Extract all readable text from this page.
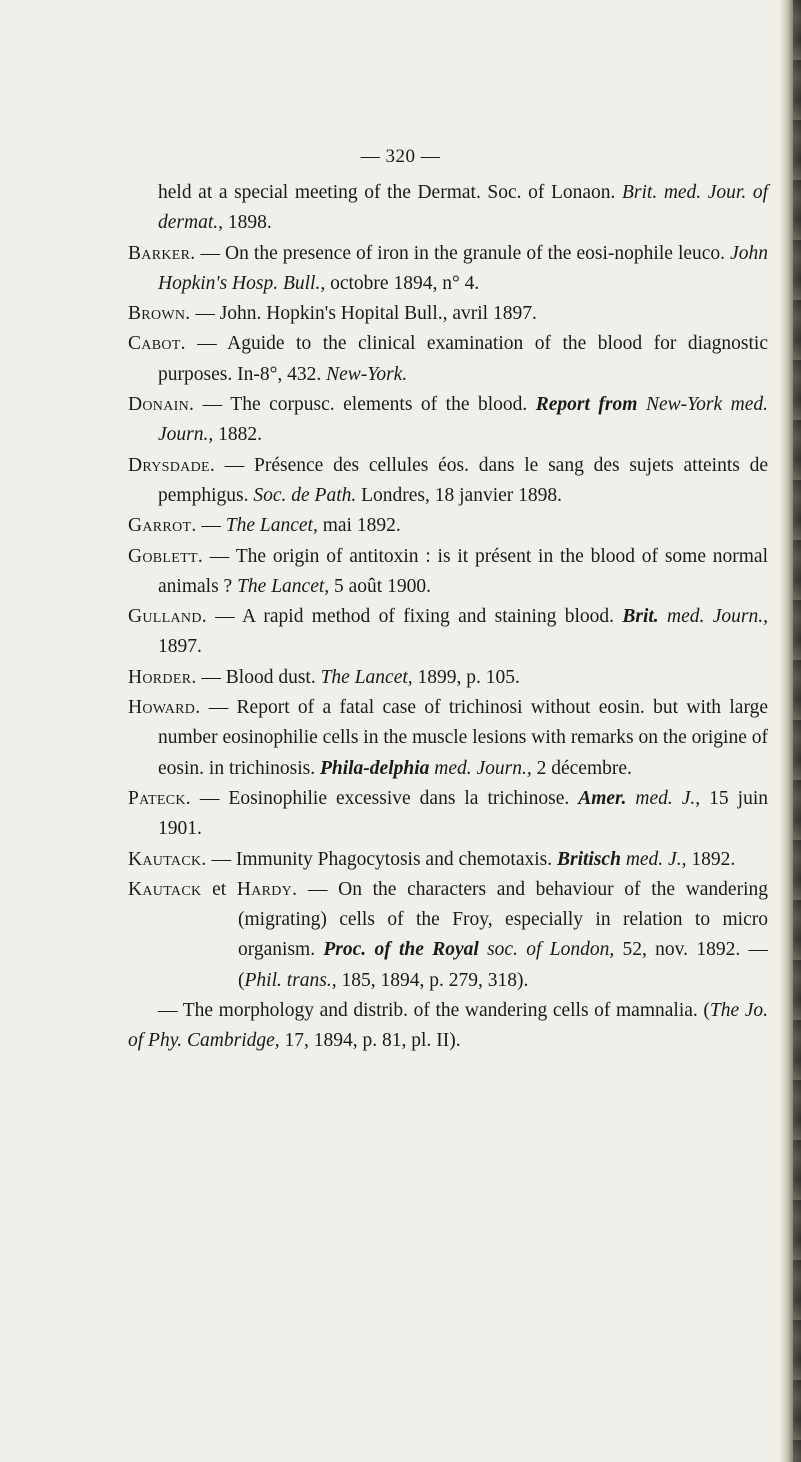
— 320 —

held at a special meeting of the Dermat. Soc. of Lonaon. Brit. med. Jour. of dermat., 1898.

Barker. — On the presence of iron in the granule of the eosi-nophile leuco. John Hopkin's Hosp. Bull., octobre 1894, n° 4.

Brown. — John. Hopkin's Hopital Bull., avril 1897.

Cabot. — Aguide to the clinical examination of the blood for diagnostic purposes. In-8°, 432. New-York.

Donain. — The corpusc. elements of the blood. Report from New-York med. Journ., 1882.

Drysdade. — Présence des cellules éos. dans le sang des sujets atteints de pemphigus. Soc. de Path. Londres, 18 janvier 1898.

Garrot. — The Lancet, mai 1892.

Goblett. — The origin of antitoxin : is it présent in the blood of some normal animals ? The Lancet, 5 août 1900.

Gulland. — A rapid method of fixing and staining blood. Brit. med. Journ., 1897.

Horder. — Blood dust. The Lancet, 1899, p. 105.

Howard. — Report of a fatal case of trichinosi without eosin. but with large number eosinophilie cells in the muscle lesions with remarks on the origine of eosin. in trichinosis. Phila-delphia med. Journ., 2 décembre.

Pateck. — Eosinophilie excessive dans la trichinose. Amer. med. J., 15 juin 1901.

Kautack. — Immunity Phagocytosis and chemotaxis. Britisch med. J., 1892.

Kautack et Hardy. — On the characters and behaviour of the wandering (migrating) cells of the Froy, especially in relation to micro organism. Proc. of the Royal soc. of London, 52, nov. 1892. — (Phil. trans., 185, 1894, p. 279, 318).

— The morphology and distrib. of the wandering cells of mamnalia. (The Jo. of Phy. Cambridge, 17, 1894, p. 81, pl. II).
